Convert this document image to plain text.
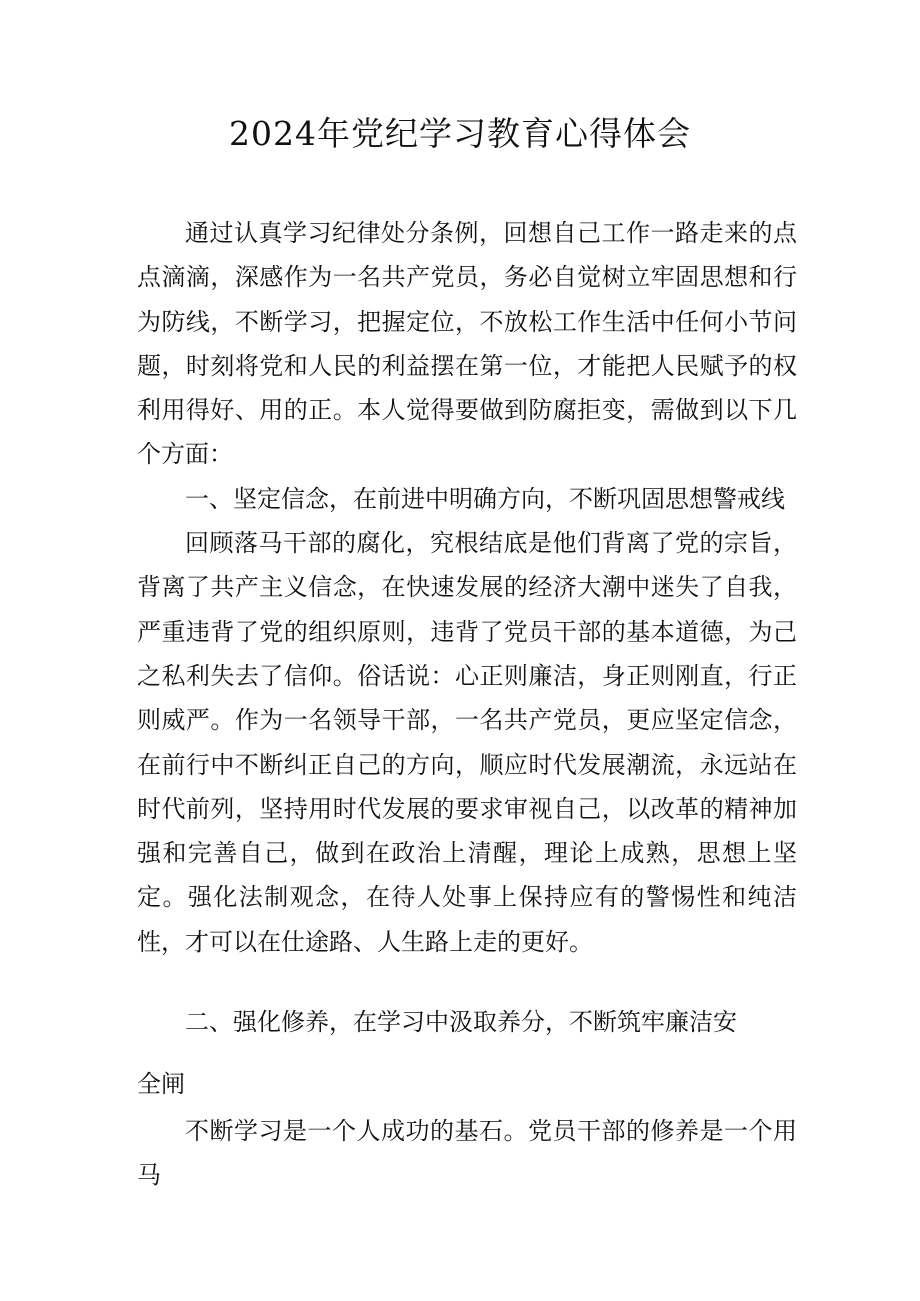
2024年党纪学习教育心得体会

通过认真学习纪律处分条例，回想自己工作一路走来的点点滴滴，深感作为一名共产党员，务必自觉树立牢固思想和行为防线，不断学习，把握定位，不放松工作生活中任何小节问题，时刻将党和人民的利益摆在第一位，才能把人民赋予的权利用得好、用的正。本人觉得要做到防腐拒变，需做到以下几个方面：

一、坚定信念，在前进中明确方向，不断巩固思想警戒线

回顾落马干部的腐化，究根结底是他们背离了党的宗旨，背离了共产主义信念，在快速发展的经济大潮中迷失了自我，严重违背了党的组织原则，违背了党员干部的基本道德，为己之私利失去了信仰。俗话说：心正则廉洁，身正则刚直，行正则威严。作为一名领导干部，一名共产党员，更应坚定信念，在前行中不断纠正自己的方向，顺应时代发展潮流，永远站在时代前列，坚持用时代发展的要求审视自己，以改革的精神加强和完善自己，做到在政治上清醒，理论上成熟，思想上坚定。强化法制观念，在待人处事上保持应有的警惕性和纯洁性，才可以在仕途路、人生路上走的更好。

二、强化修养，在学习中汲取养分，不断筑牢廉洁安

全闸

不断学习是一个人成功的基石。党员干部的修养是一个用马
